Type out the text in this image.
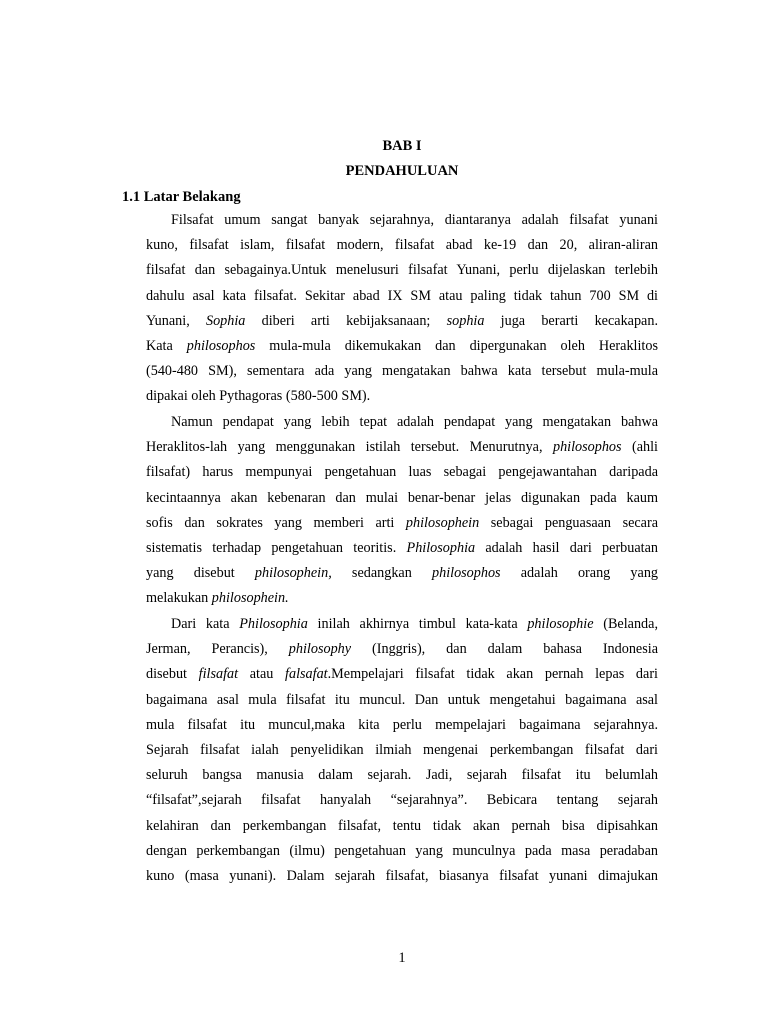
BAB I
PENDAHULUAN
1.1 Latar Belakang
Filsafat umum sangat banyak sejarahnya, diantaranya adalah filsafat yunani
kuno, filsafat islam, filsafat modern, filsafat abad ke-19 dan 20, aliran-aliran
filsafat dan sebagainya.Untuk menelusuri filsafat Yunani, perlu dijelaskan terlebih
dahulu asal kata filsafat. Sekitar abad IX SM atau paling tidak tahun 700 SM di
Yunani, Sophia diberi arti kebijaksanaan; sophia juga berarti kecakapan.
Kata philosophos mula-mula dikemukakan dan dipergunakan oleh Heraklitos
(540-480 SM), sementara ada yang mengatakan bahwa kata tersebut mula-mula
dipakai oleh Pythagoras (580-500 SM).
Namun pendapat yang lebih tepat adalah pendapat yang mengatakan bahwa
Heraklitos-lah yang menggunakan istilah tersebut. Menurutnya, philosophos (ahli
filsafat) harus mempunyai pengetahuan luas sebagai pengejawantahan daripada
kecintaannya akan kebenaran dan mulai benar-benar jelas digunakan pada kaum
sofis dan sokrates yang memberi arti philosophein sebagai penguasaan secara
sistematis terhadap pengetahuan teoritis. Philosophia adalah hasil dari perbuatan
yang disebut philosophein, sedangkan philosophos adalah orang yang
melakukan philosophein.
Dari kata Philosophia inilah akhirnya timbul kata-kata philosophie (Belanda,
Jerman, Perancis), philosophy (Inggris), dan dalam bahasa Indonesia
disebut filsafat atau falsafat.Mempelajari filsafat tidak akan pernah lepas dari
bagaimana asal mula filsafat itu muncul. Dan untuk mengetahui bagaimana asal
mula filsafat itu muncul,maka kita perlu mempelajari bagaimana sejarahnya.
Sejarah filsafat ialah penyelidikan ilmiah mengenai perkembangan filsafat dari
seluruh bangsa manusia dalam sejarah. Jadi, sejarah filsafat itu belumlah
“filsafat”,sejarah filsafat hanyalah “sejarahnya”. Bebicara tentang sejarah
kelahiran dan perkembangan filsafat, tentu tidak akan pernah bisa dipisahkan
dengan perkembangan (ilmu) pengetahuan yang munculnya pada masa peradaban
kuno (masa yunani). Dalam sejarah filsafat, biasanya filsafat yunani dimajukan
1
